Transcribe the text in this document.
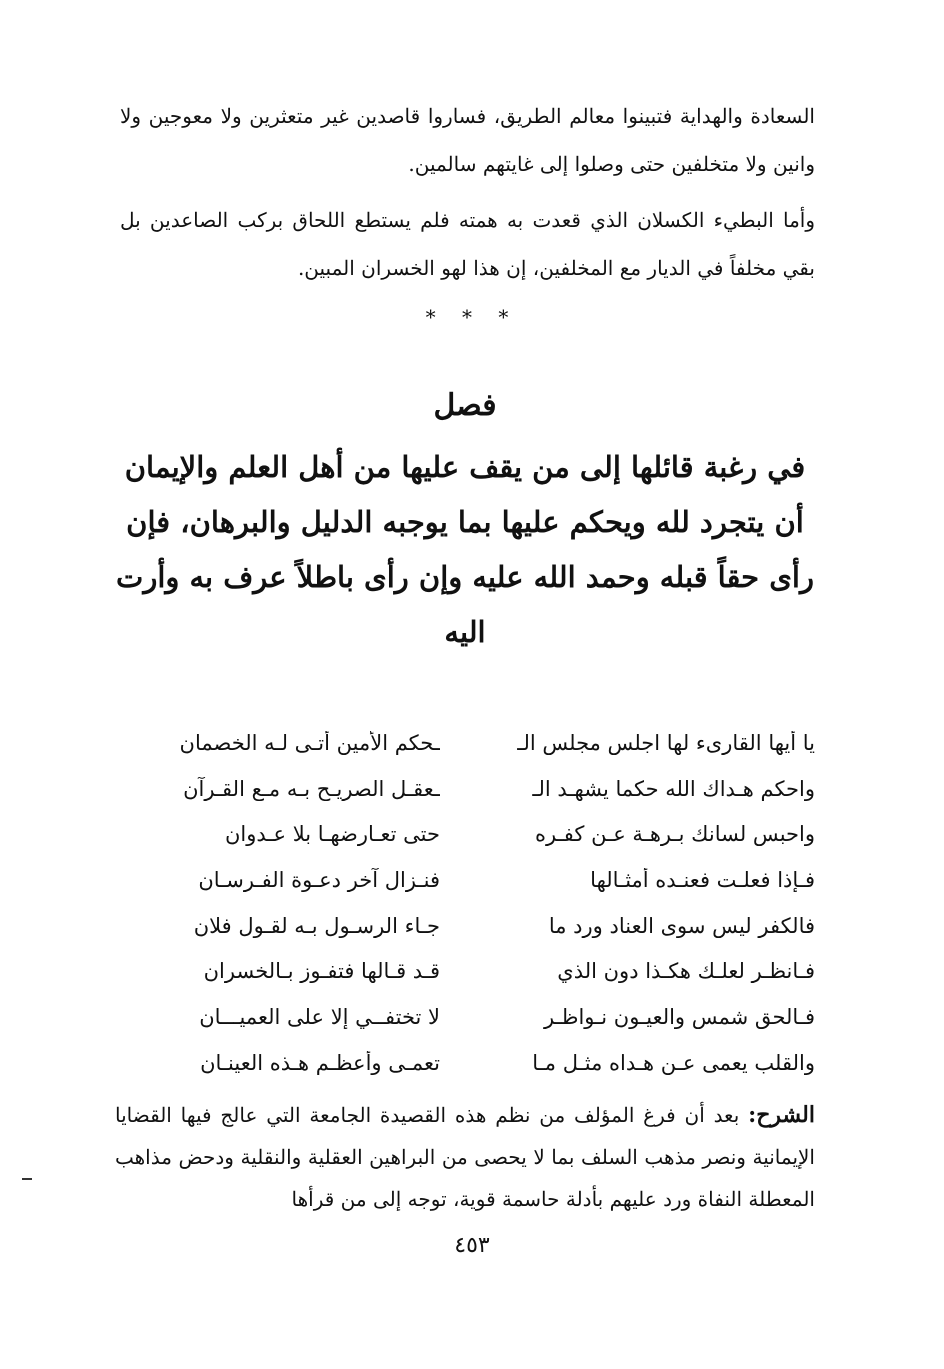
السعادة والهداية فتبينوا معالم الطريق، فساروا قاصدين غير متعثرين ولا معوجين ولا وانين ولا متخلفين حتى وصلوا إلى غايتهم سالمين.

وأما البطيء الكسلان الذي قعدت به همته فلم يستطع اللحاق بركب الصاعدين بل بقي مخلفاً في الديار مع المخلفين، إن هذا لهو الخسران المبين.

* * *
فصل
في رغبة قائلها إلى من يقف عليها من أهل العلم والإيمان أن يتجرد لله ويحكم عليها بما يوجبه الدليل والبرهان، فإن رأى حقاً قبله وحمد الله عليه وإن رأى باطلاً عرف به وأرت اليه
يا أيها القارىء لها اجلس مجلس الـ
ـحكم الأمين أتـى لـه الخصمان
واحكم هـداك الله حكما يشهـد الـ
ـعقـل الصريـح بـه مـع القـرآن
واحبس لسانك بـرهـة عـن كفـره
حتى تعـارضهـا بلا عـدوان
فـإذا فعلـت فعنـده أمثـالها
فنـزال آخر دعـوة الفـرسـان
فالكفر ليس سوى العناد ورد ما
جـاء الرسـول بـه لقـول فلان
فـانظـر لعلـك هكـذا دون الذي
قـد قـالها فتفـوز بـالخسران
فـالحق شمس والعيـون نـواظـر
لا تختفــي إلا على العميـــان
والقلب يعمى عـن هـداه مثـل مـا
تعمـى وأعظـم هـذه العينـان

الشرح: بعد أن فرغ المؤلف من نظم هذه القصيدة الجامعة التي عالج فيها القضايا الإيمانية ونصر مذهب السلف بما لا يحصى من البراهين العقلية والنقلية ودحض مذاهب المعطلة النفاة ورد عليهم بأدلة حاسمة قوية، توجه إلى من قرأها

٤٥٣
